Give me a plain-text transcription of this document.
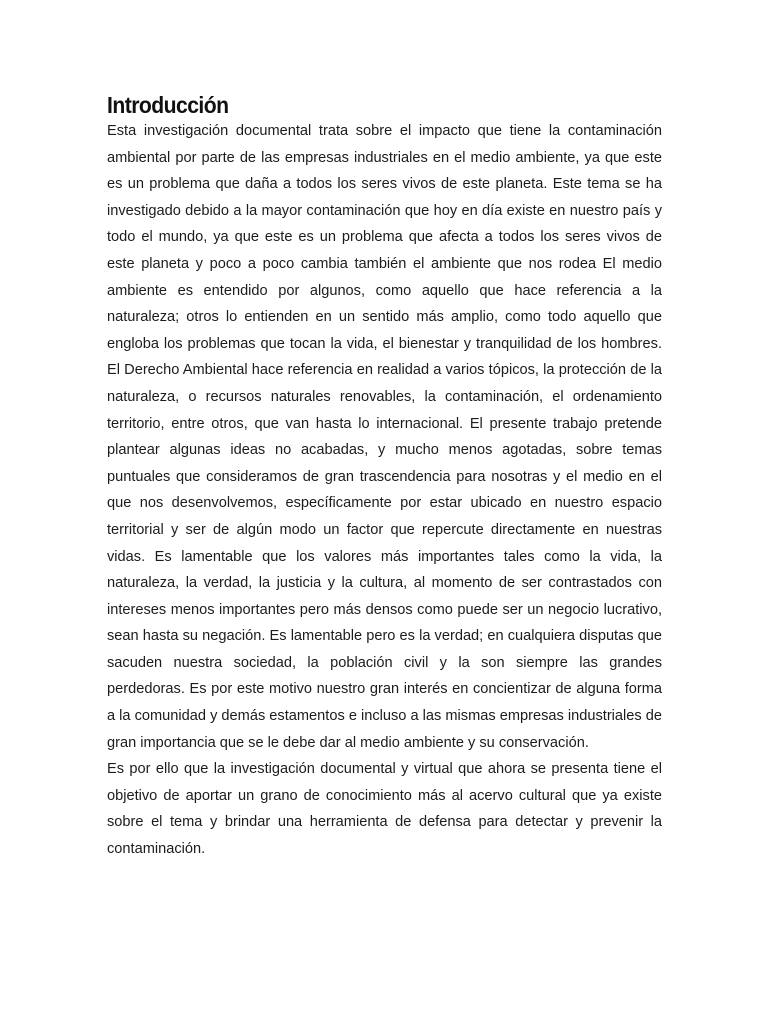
Introducción

Esta investigación documental trata sobre el impacto que tiene la contaminación ambiental por parte de las empresas industriales en el medio ambiente, ya que este es un problema que daña a todos los seres vivos de este planeta. Este tema se ha investigado debido a la mayor contaminación que hoy en día existe en nuestro país y todo el mundo, ya que este es un problema que afecta a todos los seres vivos de este planeta y poco a poco cambia también el ambiente que nos rodea El medio ambiente es entendido por algunos, como aquello que hace referencia a la naturaleza; otros lo entienden en un sentido más amplio, como todo aquello que engloba los problemas que tocan la vida, el bienestar y tranquilidad de los hombres. El Derecho Ambiental hace referencia en realidad a varios tópicos, la protección de la naturaleza, o recursos naturales renovables, la contaminación, el ordenamiento territorio, entre otros, que van hasta lo internacional. El presente trabajo pretende plantear algunas ideas no acabadas, y mucho menos agotadas, sobre temas puntuales que consideramos de gran trascendencia para nosotras y el medio en el que nos desenvolvemos, específicamente por estar ubicado en nuestro espacio territorial y ser de algún modo un factor que repercute directamente en nuestras vidas. Es lamentable que los valores más importantes tales como la vida, la naturaleza, la verdad, la justicia y la cultura, al momento de ser contrastados con intereses menos importantes pero más densos como puede ser un negocio lucrativo, sean hasta su negación. Es lamentable pero es la verdad; en cualquiera disputas que sacuden nuestra sociedad, la población civil y la son siempre las grandes perdedoras. Es por este motivo nuestro gran interés en concientizar de alguna forma a la comunidad y demás estamentos e incluso a las mismas empresas industriales de gran importancia que se le debe dar al medio ambiente y su conservación.

Es por ello que la investigación documental y virtual que ahora se presenta tiene el objetivo de aportar un grano de conocimiento más al acervo cultural que ya existe sobre el tema y brindar una herramienta de defensa para detectar y prevenir la contaminación.
